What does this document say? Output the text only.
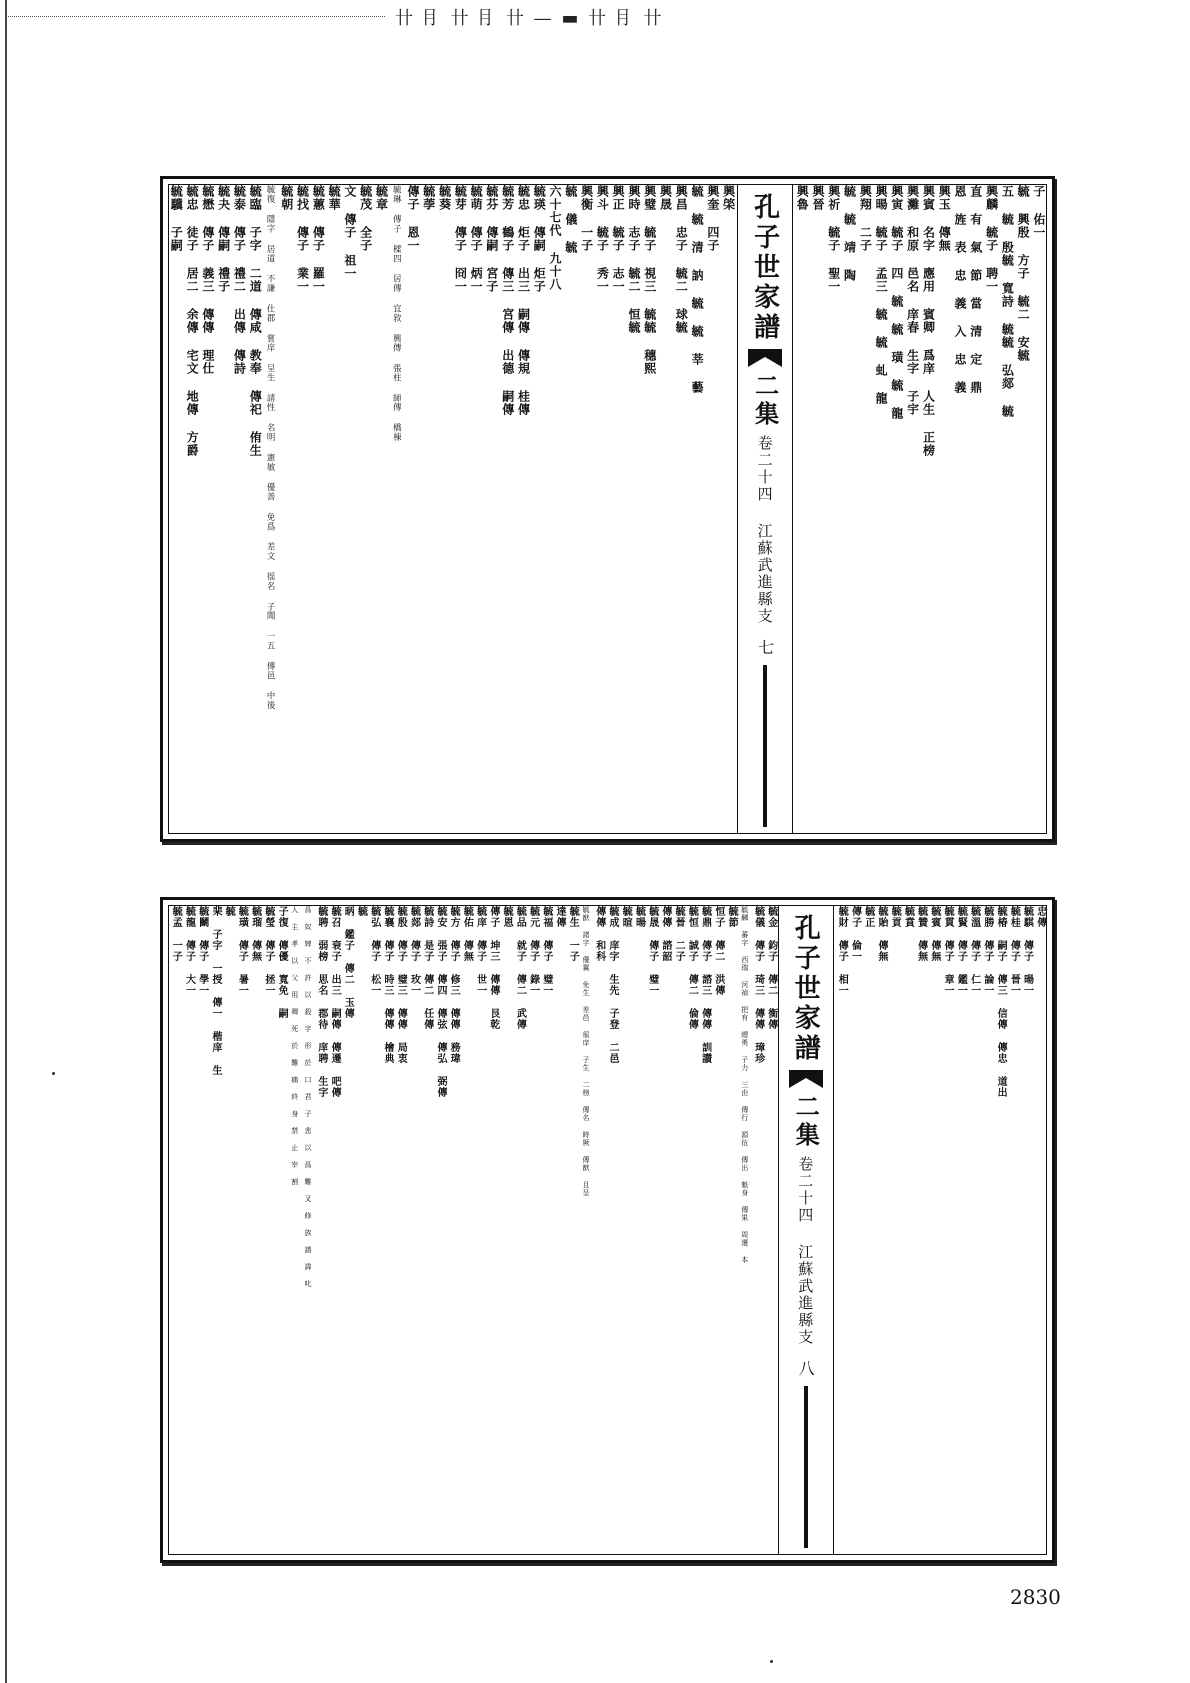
卄 ⺝ 卄 ⺝ 卄 — ▬ 卄 ⺝ 卄
子 佑一
毓 興殷 方子 毓二 安毓
五 毓 殷毓 寬詩 毓毓 弘郯 毓
興麟 毓子 聘一
直 有 氣 節 當 清 定 鼎
恩 旌 表 忠 義 入 忠 義
興玉 傳無
興賓 名字 應用 賓卿 爲庠 人生 正榜
興灘 和原 邑名 庠春 生字 子宇
興寅 毓子 四 毓 毓 璜 毓 龍
興暘 毓子 孟三 毓 毓 虬 龍
興翔 二子
毓 毓 靖 陶
興祈 毓子 聖一
興晉
興魯
孔子世家譜
二集
卷二十四 江蘇武進縣支
七
興棨
興奎 四子
毓 毓 清 訥 毓 毓 莘 藝
興昌 忠子 毓二 球毓
興晟
興璧 毓子 視三 毓毓 穗熙
興時 志子 毓二 恒毓
興正 毓子 志一
興斗 毓子 秀一
興衡 一子
毓 儀 毓
六十七代 九十八
毓瑛 傳嗣 炬子
毓忠 炬子 出三 嗣傳 傳規 桂傳
毓芳 鶴子 傳三 宮傳 出德 嗣傳
毓芬 傳嗣 宮子
毓萌 傳子 炳一
毓芽 傳子 冏一
毓葵
毓荸
傳子 恩一
毓琳 傳子 樑四 居傳 宜敘 興傳 張柱 師傳 橋棟
毓章
毓茂 全子
文 傳子 祖一
毓華
毓蕙 傳子 羅一
毓找 傳子 業一
毓朝
毓復 隱字 居道 不謙 仕郡 嘗庠 呈生 請性 名明 憲敏 優善 免爲 差文 徭名 子聞 一五 傳邑 中後
毓臨 子字 二道 傳咸 教奉 傳祀 侑生
毓泰 傳子 禮二 出傳 傳詩
毓夬 傳嗣 禮子
毓懋 傳子 義三 傳傳 理仕
毓忠 徒子 居二 余傳 宅文 地傳 方爵
毓驥 子嗣
忠傳
毓騏 傳子 暘一
毓桂 傳子 晉一
毓椿 嗣子 傳三 信傳 傳忠 道出
毓勝 傳子 論一
毓溫 傳子 仁一
毓賢 傳子 鑑一
毓貫 傳子 章一
毓賓 傳無
毓贊 傳無
毓賁
毓貢
毓貽 傳無
毓正
傳子 倫一
毓財 傳子 相一
孔子世家譜
二集
卷二十四 江蘇武進縣支
八
毓金 鈞子 傳二 衡傳
毓儀 傳子 琦三 傳傳 璋珍
毓麟 蕃字 西瑞 河禎 把有 總勇 子力 三由 傳行 源伍 傳出 魁身 傳果 周遷 本
毓節
恒子 傳二 洪傳
毓鼎 傳子 諮三 傳傳 訓讃
毓恒 誠子 傳二 倫傳
毓晉 二子
傳傳 諮韶
毓晟 傳子 璧一
毓暘
毓暄
毓成 庠字 生先 子登 二邑
傳傳 和科
毓猷 諸字 優翼 免生 差邑 徭庠 子生 二榜 傳名 時厥 傳猷 且呈
毓生 一子
達傳
毓福 傳子 璧一
毓元 傳子 錄一
毓品 就子 傳二 武傳
毓恩
傳子 坤三 傳傳 艮乾
毓庠 傳子 世一
毓佑 傳無
毓方 傳子 修三 傳傳 務瑋
毓安 張子 傳四 傳弦 傳弘 弼傳
毓詩 是子 傳二 任傳
毓郯 傳子 玫一
毓殷 傳子 璧三 傳傳 局衷
毓襄 傳子 時三 傳傳 檜典
毓弘 傳子 松一
毓
昞 鑑子 傳二 玉傳
毓召 衰子 出三 嗣傳 傳遷 吧傳
毓聘 弱榜 思名 郡待 庠聘 生字
爲 奴 婢 不 許 以 殺 字 形 於 口 君 子 悲 以 爲 難 叉 修 族 譜 諱 叱
人 主 孝 以 父 用 卿 死 於 難 痛 終 身 禁 止 宰 割
子復 傳優 寬免 嗣
毓瑩 傳子 拯一
毓瑠 傳無
毓璜 傳子 暑一
毓
棐 子字 一授 傳一 楷庠 生
毓鬭 傳子 學一
毓龍 傳子 大一
毓孟 一子
2830
